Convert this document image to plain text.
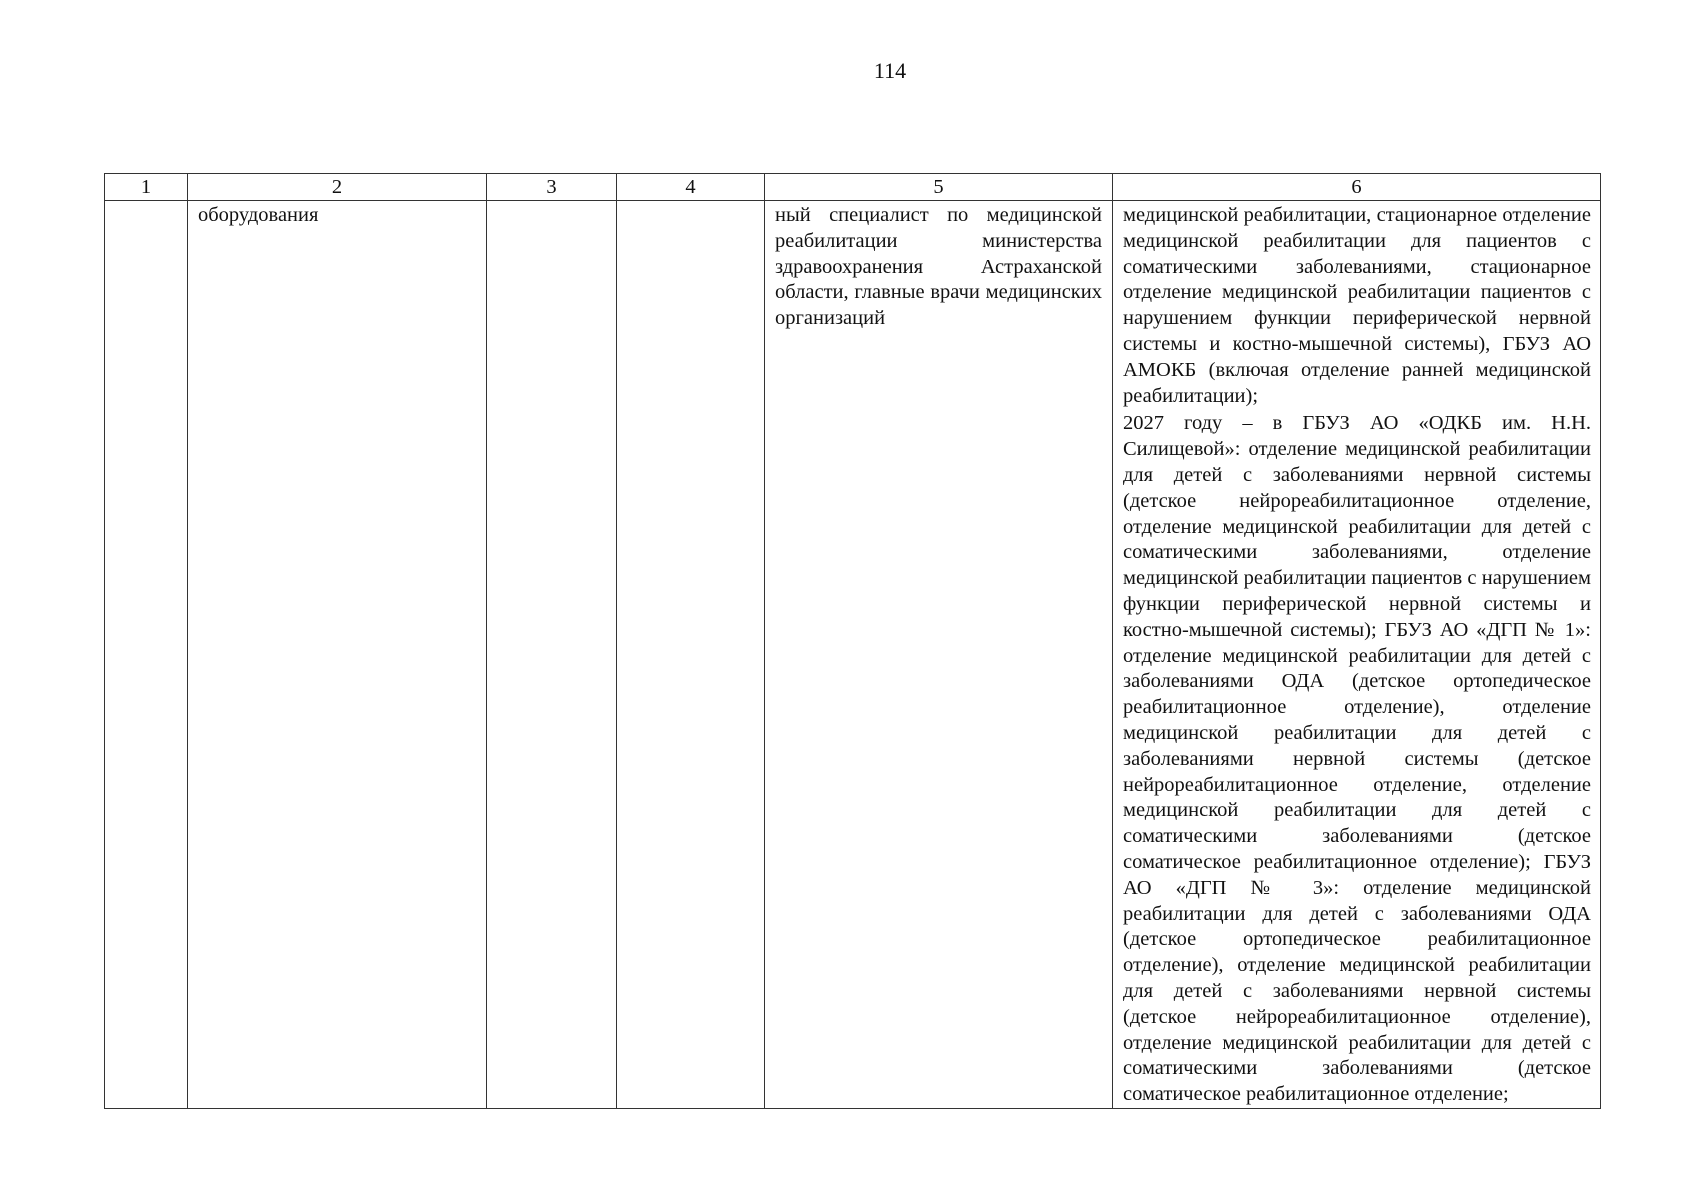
114
1	2	3	4	5	6

	оборудования			ный специалист по медицинской реабилитации министерства здравоохранения Астраханской области, главные врачи медицинских организаций	медицинской реабилитации, стационарное отделение медицинской реабилитации для пациентов с соматическими заболеваниями, стационарное отделение медицинской реабилитации пациентов с нарушением функции периферической нервной системы и костно-мышечной системы), ГБУЗ АО АМОКБ (включая отделение ранней медицинской реабилитации);
2027 году – в ГБУЗ АО «ОДКБ им. Н.Н. Силищевой»: отделение медицинской реабилитации для детей с заболеваниями нервной системы (детское нейрореабилитационное отделение, отделение медицинской реабилитации для детей с соматическими заболеваниями, отделение медицинской реабилитации пациентов с нарушением функции периферической нервной системы и костно-мышечной системы); ГБУЗ АО «ДГП № 1»: отделение медицинской реабилитации для детей с заболеваниями ОДА (детское ортопедическое реабилитационное отделение), отделение медицинской реабилитации для детей с заболеваниями нервной системы (детское нейрореабилитационное отделение, отделение медицинской реабилитации для детей с соматическими заболеваниями (детское соматическое реабилитационное отделение); ГБУЗ АО «ДГП № 3»: отделение медицинской реабилитации для детей с заболеваниями ОДА (детское ортопедическое реабилитационное отделение), отделение медицинской реабилитации для детей с заболеваниями нервной системы (детское нейрореабилитационное отделение), отделение медицинской реабилитации для детей с соматическими заболеваниями (детское соматическое реабилитационное отделение;
